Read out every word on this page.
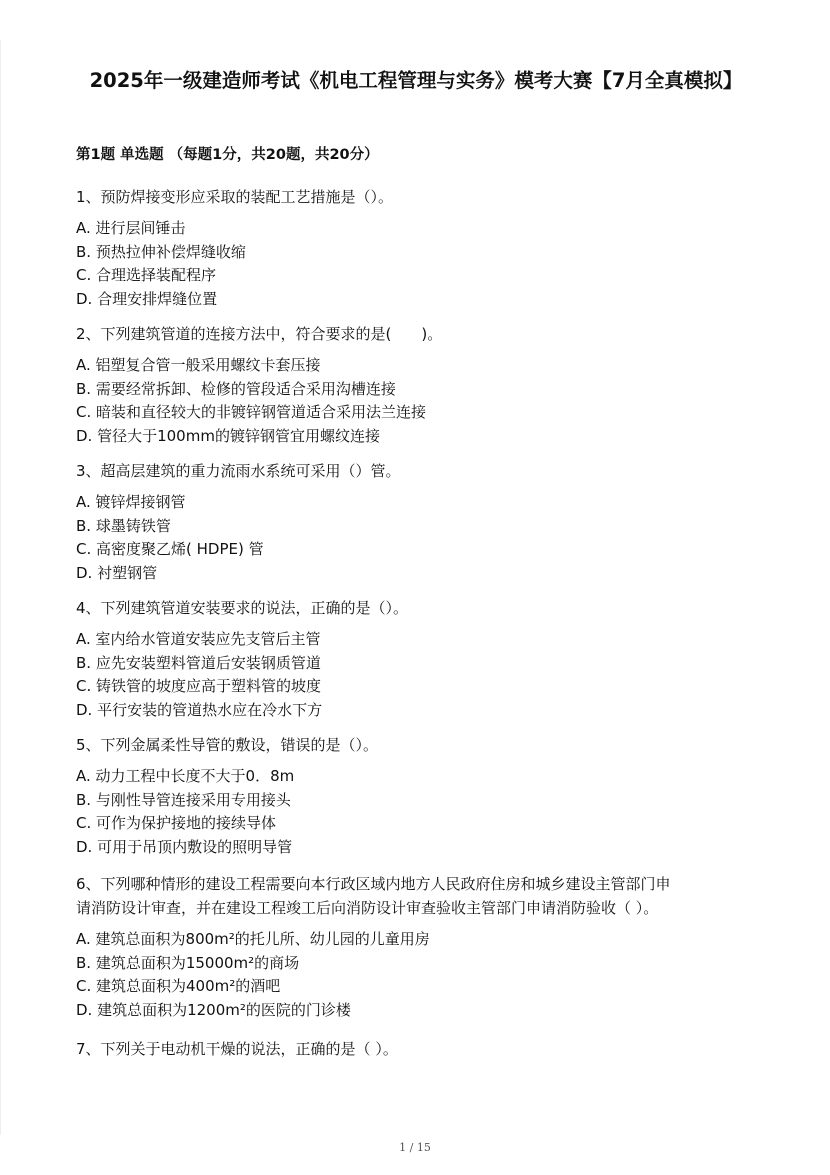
2025年一级建造师考试《机电工程管理与实务》模考大赛【7月全真模拟】
第1题 单选题 （每题1分，共20题，共20分）
1、预防焊接变形应采取的装配工艺措施是（）。
A. 进行层间锤击
B. 预热拉伸补偿焊缝收缩
C. 合理选择装配程序
D. 合理安排焊缝位置
2、下列建筑管道的连接方法中，符合要求的是(　　)。
A. 铝塑复合管一般采用螺纹卡套压接
B. 需要经常拆卸、检修的管段适合采用沟槽连接
C. 暗装和直径较大的非镀锌钢管道适合采用法兰连接
D. 管径大于100mm的镀锌钢管宜用螺纹连接
3、超高层建筑的重力流雨水系统可采用（）管。
A. 镀锌焊接钢管
B. 球墨铸铁管
C. 高密度聚乙烯( HDPE) 管
D. 衬塑钢管
4、下列建筑管道安装要求的说法，正确的是（）。
A. 室内给水管道安装应先支管后主管
B. 应先安装塑料管道后安装钢质管道
C. 铸铁管的坡度应高于塑料管的坡度
D. 平行安装的管道热水应在冷水下方
5、下列金属柔性导管的敷设，错误的是（）。
A. 动力工程中长度不大于0．8m
B. 与刚性导管连接采用专用接头
C. 可作为保护接地的接续导体
D. 可用于吊顶内敷设的照明导管
6、下列哪种情形的建设工程需要向本行政区域内地方人民政府住房和城乡建设主管部门申
请消防设计审查，并在建设工程竣工后向消防设计审查验收主管部门申请消防验收（ ）。
A. 建筑总面积为800m²的托儿所、幼儿园的儿童用房
B. 建筑总面积为15000m²的商场
C. 建筑总面积为400m²的酒吧
D. 建筑总面积为1200m²的医院的门诊楼
7、下列关于电动机干燥的说法，正确的是（ ）。
1 / 15
